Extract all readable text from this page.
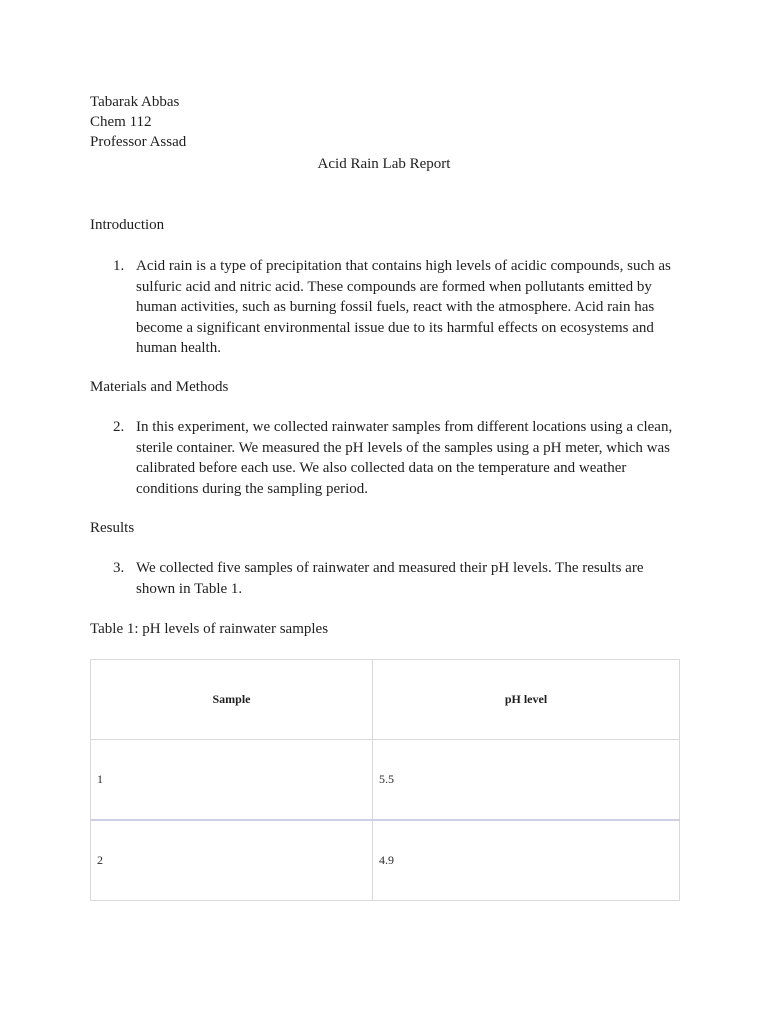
Tabarak Abbas

Chem 112

Professor Assad

Acid Rain Lab Report

Introduction

1. Acid rain is a type of precipitation that contains high levels of acidic compounds, such as sulfuric acid and nitric acid. These compounds are formed when pollutants emitted by human activities, such as burning fossil fuels, react with the atmosphere. Acid rain has become a significant environmental issue due to its harmful effects on ecosystems and human health.

Materials and Methods

2. In this experiment, we collected rainwater samples from different locations using a clean, sterile container. We measured the pH levels of the samples using a pH meter, which was calibrated before each use. We also collected data on the temperature and weather conditions during the sampling period.

Results

3. We collected five samples of rainwater and measured their pH levels. The results are shown in Table 1.

Table 1: pH levels of rainwater samples

Sample	pH level
1	5.5
2	4.9
